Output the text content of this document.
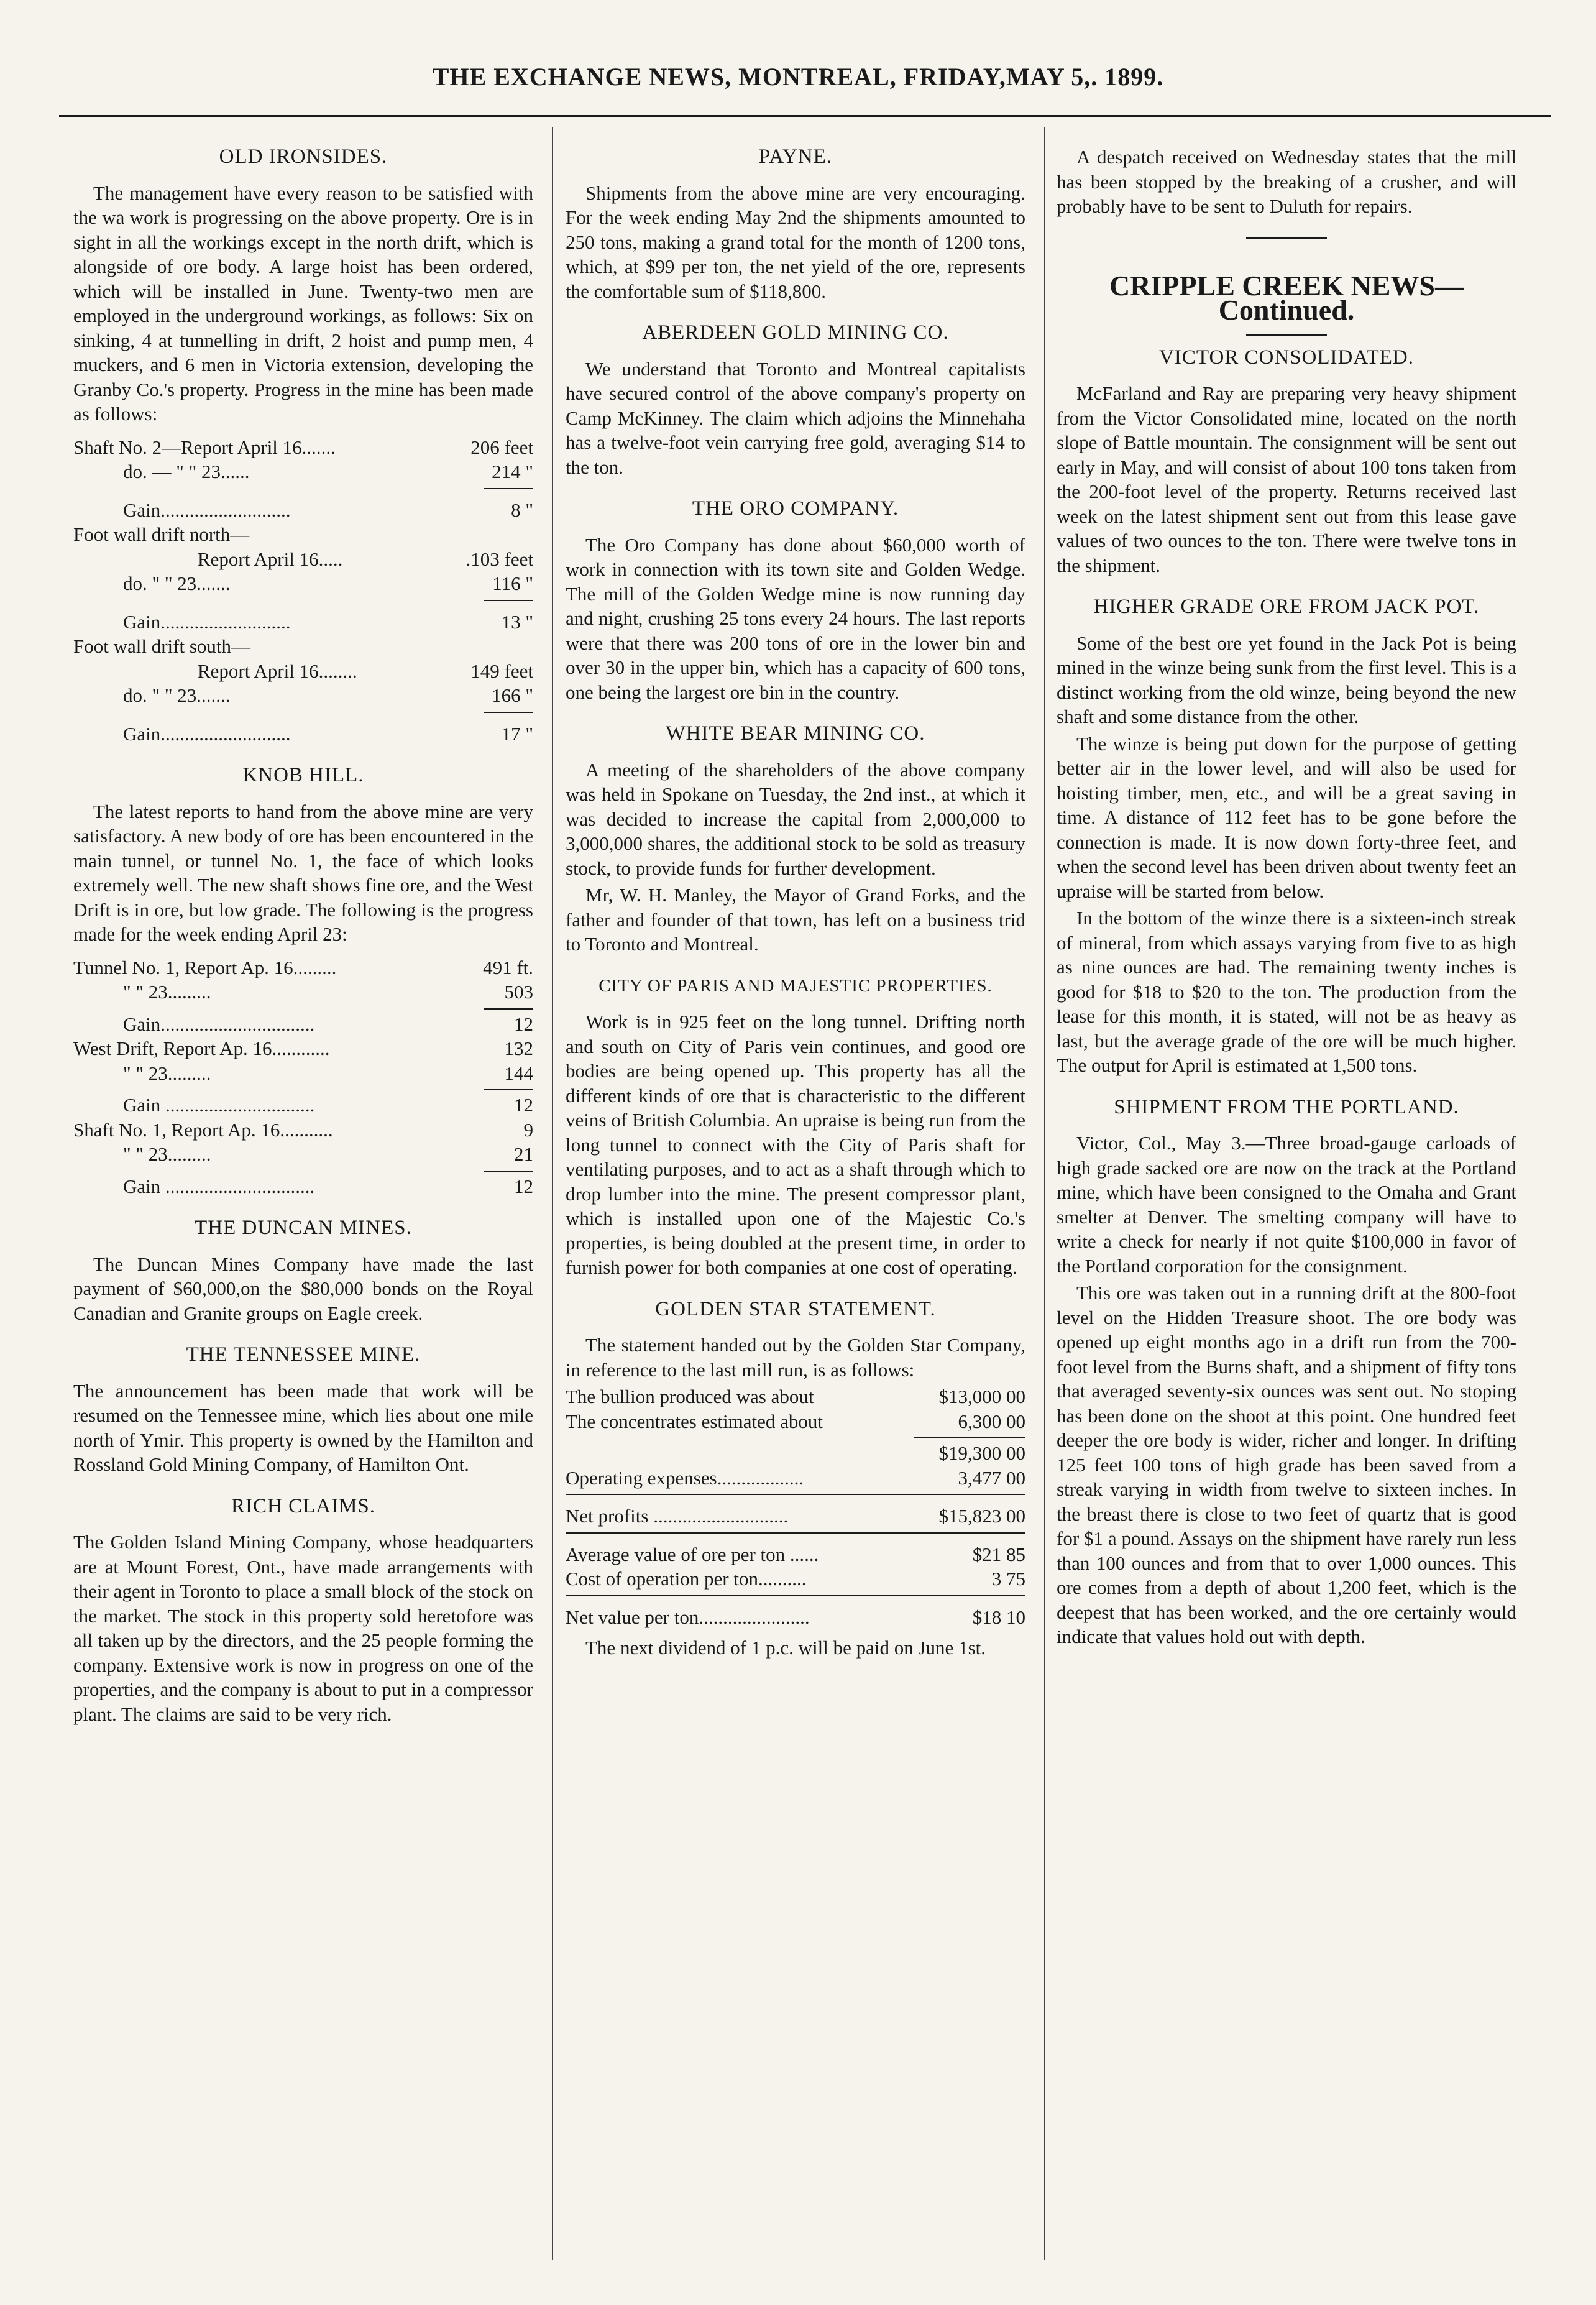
THE EXCHANGE NEWS, MONTREAL, FRIDAY,MAY 5,. 1899.
OLD IRONSIDES.

The management have every reason to be satisfied with the wa work is progressing on the above property. Ore is in sight in all the workings except in the north drift, which is alongside of ore body. A large hoist has been ordered, which will be installed in June. Twenty-two men are employed in the underground workings, as follows: Six on sinking, 4 at tunnelling in drift, 2 hoist and pump men, 4 muckers, and 6 men in Victoria extension, developing the Granby Co.'s property. Progress in the mine has been made as follows:

Shaft No. 2—Report April 16.......	206 feet
do. — " " 23......	214 "
Gain...........................	8 "
Foot wall drift north—
Report April 16.....	.103 feet
do. " " 23.......	116 "
Gain...........................	13 "
Foot wall drift south—
Report April 16........	149 feet
do. " " 23.......	166 "
Gain...........................	17 "
KNOB HILL.

The latest reports to hand from the above mine are very satisfactory. A new body of ore has been encountered in the main tunnel, or tunnel No. 1, the face of which looks extremely well. The new shaft shows fine ore, and the West Drift is in ore, but low grade. The following is the progress made for the week ending April 23:

Tunnel No. 1, Report Ap. 16.........	491 ft.
" " 23.........	503
Gain................................	12
West Drift, Report Ap. 16............	132
" " 23.........	144
Gain ...............................	12
Shaft No. 1, Report Ap. 16...........	9
" " 23.........	21
Gain ...............................	12
THE DUNCAN MINES.

The Duncan Mines Company have made the last payment of $60,000,on the $80,000 bonds on the Royal Canadian and Granite groups on Eagle creek.

THE TENNESSEE MINE.

The announcement has been made that work will be resumed on the Tennessee mine, which lies about one mile north of Ymir. This property is owned by the Hamilton and Rossland Gold Mining Company, of Hamilton Ont.

RICH CLAIMS.

The Golden Island Mining Company, whose headquarters are at Mount Forest, Ont., have made arrangements with their agent in Toronto to place a small block of the stock on the market. The stock in this property sold heretofore was all taken up by the directors, and the 25 people forming the company. Extensive work is now in progress on one of the properties, and the company is about to put in a compressor plant. The claims are said to be very rich.

PAYNE.

Shipments from the above mine are very encouraging. For the week ending May 2nd the shipments amounted to 250 tons, making a grand total for the month of 1200 tons, which, at $99 per ton, the net yield of the ore, represents the comfortable sum of $118,800.

ABERDEEN GOLD MINING CO.

We understand that Toronto and Montreal capitalists have secured control of the above company's property on Camp McKinney. The claim which adjoins the Minnehaha has a twelve-foot vein carrying free gold, averaging $14 to the ton.

THE ORO COMPANY.

The Oro Company has done about $60,000 worth of work in connection with its town site and Golden Wedge. The mill of the Golden Wedge mine is now running day and night, crushing 25 tons every 24 hours. The last reports were that there was 200 tons of ore in the lower bin and over 30 in the upper bin, which has a capacity of 600 tons, one being the largest ore bin in the country.

WHITE BEAR MINING CO.

A meeting of the shareholders of the above company was held in Spokane on Tuesday, the 2nd inst., at which it was decided to increase the capital from 2,000,000 to 3,000,000 shares, the additional stock to be sold as treasury stock, to provide funds for further development.

Mr, W. H. Manley, the Mayor of Grand Forks, and the father and founder of that town, has left on a business trid to Toronto and Montreal.

CITY OF PARIS AND MAJESTIC PROPERTIES.

Work is in 925 feet on the long tunnel. Drifting north and south on City of Paris vein continues, and good ore bodies are being opened up. This property has all the different kinds of ore that is characteristic to the different veins of British Columbia. An upraise is being run from the long tunnel to connect with the City of Paris shaft for ventilating purposes, and to act as a shaft through which to drop lumber into the mine. The present compressor plant, which is installed upon one of the Majestic Co.'s properties, is being doubled at the present time, in order to furnish power for both companies at one cost of operating.

GOLDEN STAR STATEMENT.

The statement handed out by the Golden Star Company, in reference to the last mill run, is as follows:

The bullion produced was about	$13,000 00
The concentrates estimated about	6,300 00
$19,300 00
Operating expenses..................	3,477 00
Net profits ............................	$15,823 00
Average value of ore per ton ......	$21 85
Cost of operation per ton..........	3 75
Net value per ton.......................	$18 10

The next dividend of 1 p.c. will be paid on June 1st.

A despatch received on Wednesday states that the mill has been stopped by the breaking of a crusher, and will probably have to be sent to Duluth for repairs.

CRIPPLE CREEK NEWS—Continued.
VICTOR CONSOLIDATED.

McFarland and Ray are preparing very heavy shipment from the Victor Consolidated mine, located on the north slope of Battle mountain. The consignment will be sent out early in May, and will consist of about 100 tons taken from the 200-foot level of the property. Returns received last week on the latest shipment sent out from this lease gave values of two ounces to the ton. There were twelve tons in the shipment.

HIGHER GRADE ORE FROM JACK POT.

Some of the best ore yet found in the Jack Pot is being mined in the winze being sunk from the first level. This is a distinct working from the old winze, being beyond the new shaft and some distance from the other.

The winze is being put down for the purpose of getting better air in the lower level, and will also be used for hoisting timber, men, etc., and will be a great saving in time. A distance of 112 feet has to be gone before the connection is made. It is now down forty-three feet, and when the second level has been driven about twenty feet an upraise will be started from below.

In the bottom of the winze there is a sixteen-inch streak of mineral, from which assays varying from five to as high as nine ounces are had. The remaining twenty inches is good for $18 to $20 to the ton. The production from the lease for this month, it is stated, will not be as heavy as last, but the average grade of the ore will be much higher. The output for April is estimated at 1,500 tons.

SHIPMENT FROM THE PORTLAND.

Victor, Col., May 3.—Three broad-gauge carloads of high grade sacked ore are now on the track at the Portland mine, which have been consigned to the Omaha and Grant smelter at Denver. The smelting company will have to write a check for nearly if not quite $100,000 in favor of the Portland corporation for the consignment.

This ore was taken out in a running drift at the 800-foot level on the Hidden Treasure shoot. The ore body was opened up eight months ago in a drift run from the 700-foot level from the Burns shaft, and a shipment of fifty tons that averaged seventy-six ounces was sent out. No stoping has been done on the shoot at this point. One hundred feet deeper the ore body is wider, richer and longer. In drifting 125 feet 100 tons of high grade has been saved from a streak varying in width from twelve to sixteen inches. In the breast there is close to two feet of quartz that is good for $1 a pound. Assays on the shipment have rarely run less than 100 ounces and from that to over 1,000 ounces. This ore comes from a depth of about 1,200 feet, which is the deepest that has been worked, and the ore certainly would indicate that values hold out with depth.
